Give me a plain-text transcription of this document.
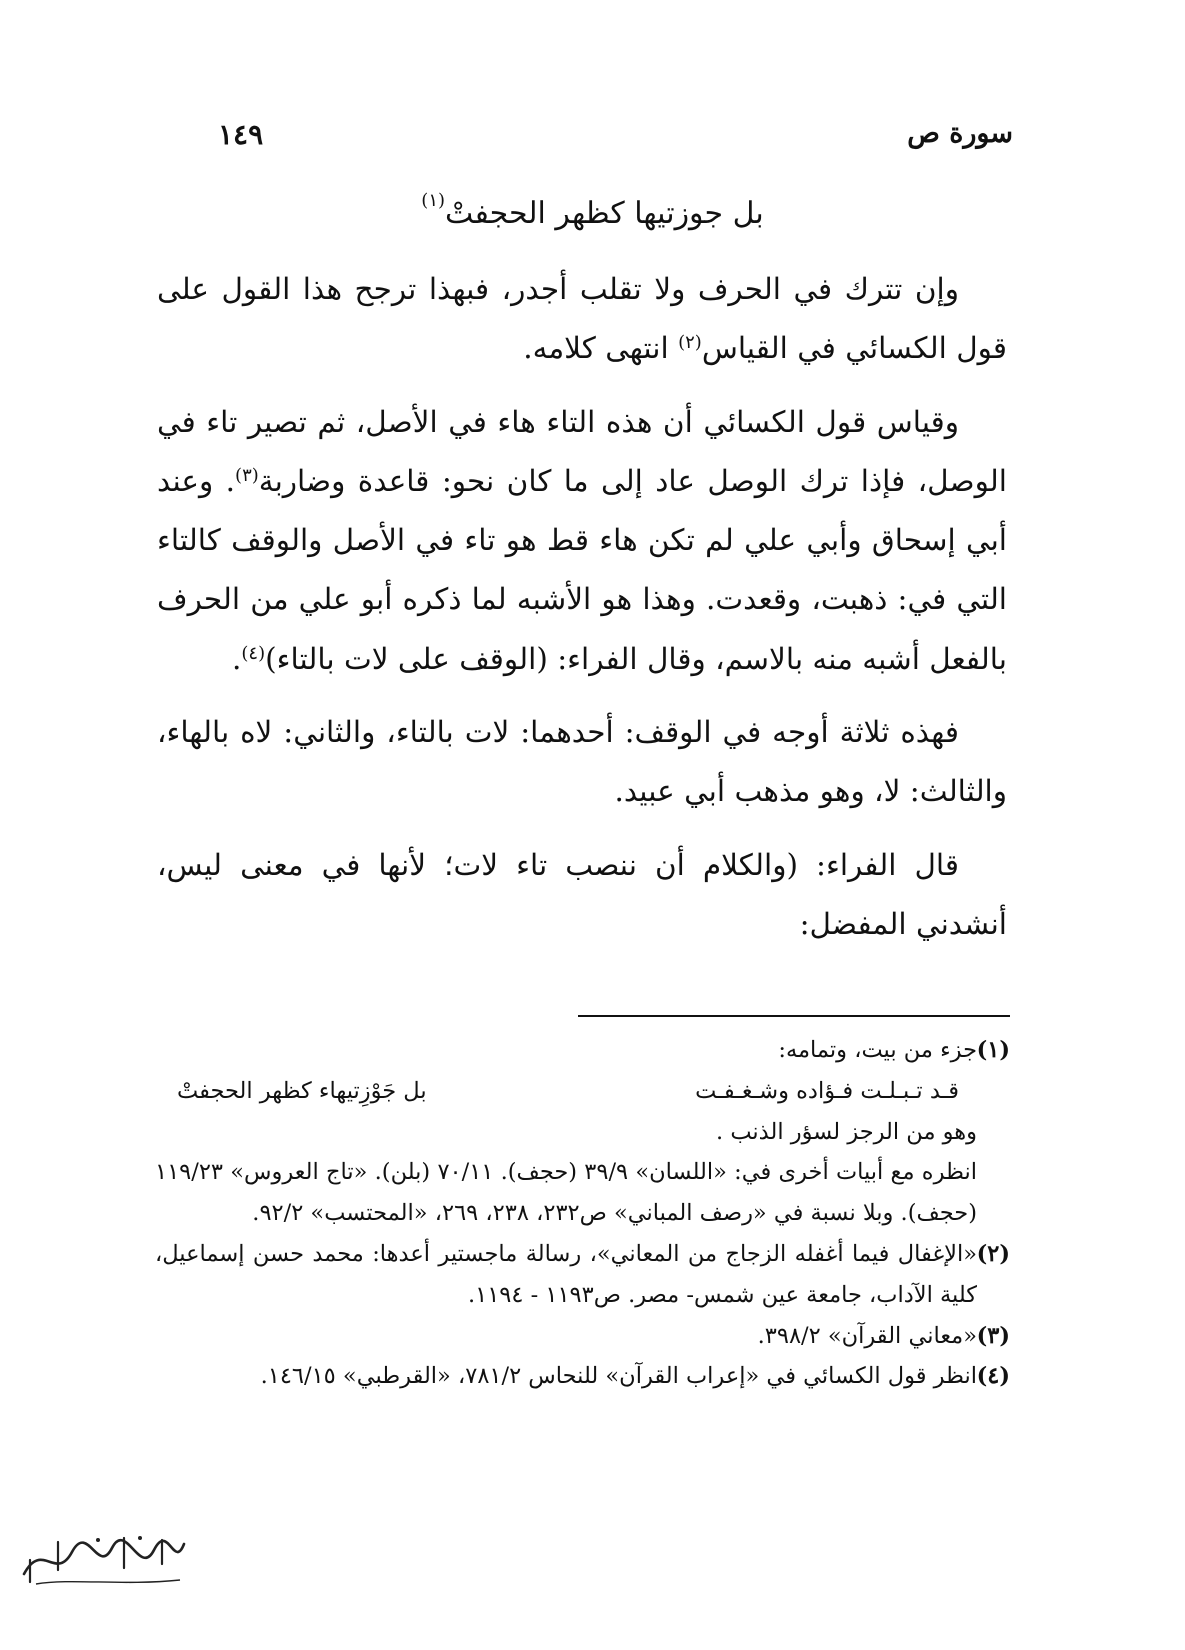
سورة ص
١٤٩
بل جوزتيها كظهر الحجفتْ$^{(١)}$

وإن تترك في الحرف ولا تقلب أجدر، فبهذا ترجح هذا القول على قول الكسائي في القياس$^{(٢)}$ انتهى كلامه.

وقياس قول الكسائي أن هذه التاء هاء في الأصل، ثم تصير تاء في الوصل، فإذا ترك الوصل عاد إلى ما كان نحو: قاعدة وضاربة$^{(٣)}$. وعند أبي إسحاق وأبي علي لم تكن هاء قط هو تاء في الأصل والوقف كالتاء التي في: ذهبت، وقعدت. وهذا هو الأشبه لما ذكره أبو علي من الحرف بالفعل أشبه منه بالاسم، وقال الفراء: (الوقف على لات بالتاء)$^{(٤)}$.

فهذه ثلاثة أوجه في الوقف: أحدهما: لات بالتاء، والثاني: لاه بالهاء، والثالث: لا، وهو مذهب أبي عبيد.

قال الفراء: (والكلام أن ننصب تاء لات؛ لأنها في معنى ليس، أنشدني المفضل:

(١)
جزء من بيت، وتمامه:
قـد تـبـلـت فـؤاده وشـغـفـت
بل جَوْزِتيهاء كظهر الحجفتْ
وهو من الرجز لسؤر الذنب .
انظره مع أبيات أخرى في: «اللسان» ٣٩/٩ (حجف). ٧٠/١١ (بلن). «تاج العروس» ١١٩/٢٣ (حجف). وبلا نسبة في «رصف المباني» ص٢٣٢، ٢٣٨، ٢٦٩، «المحتسب» ٩٢/٢.
(٢)
«الإغفال فيما أغفله الزجاج من المعاني»، رسالة ماجستير أعدها: محمد حسن إسماعيل، كلية الآداب، جامعة عين شمس- مصر. ص١١٩٣ - ١١٩٤.
(٣)
«معاني القرآن» ٣٩٨/٢.
(٤)
انظر قول الكسائي في «إعراب القرآن» للنحاس ٧٨١/٢، «القرطبي» ١٤٦/١٥.
